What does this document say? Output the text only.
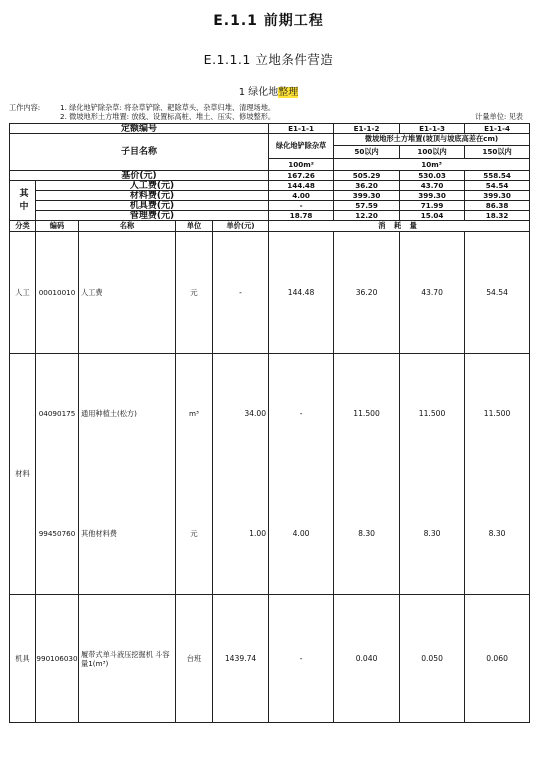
E.1.1 前期工程
E.1.1.1 立地条件营造
1 绿化地整理
工作内容:	1. 绿化地铲除杂草: 将杂草铲除、耙除草头、杂草归堆、清理场地。
2. 微坡地形土方堆置: 放线、设置标高桩、堆土、压实、修坡整形。	计量单位: 见表
定额编号					E1-1-1	E1-1-2	E1-1-3	E1-1-4
子目名称					绿化地铲除杂草	微坡地形土方堆置(坡顶与坡底高差在cm)		
						50以内	100以内	150以内
					100m²	10m³		
基价(元)					167.26	505.29	530.03	558.54
其中	人工费(元)				144.48	36.20	43.70	54.54
	材料费(元)				4.00	399.30	399.30	399.30
	机具费(元)				-	57.59	71.99	86.38
	管理费(元)				18.78	12.20	15.04	18.32
分类	编码	名称	单位	单价(元)	消 耗 量			
人工	00010010	人工费	元	-	144.48	36.20	43.70	54.54
材料	04090175	通用种植土(松方)	m³	34.00	-	11.500	11.500	11.500
	99450760	其他材料费	元	1.00	4.00	8.30	8.30	8.30
机具	990106030	履带式单斗液压挖掘机 斗容量1(m³)	台班	1439.74	-	0.040	0.050	0.060
